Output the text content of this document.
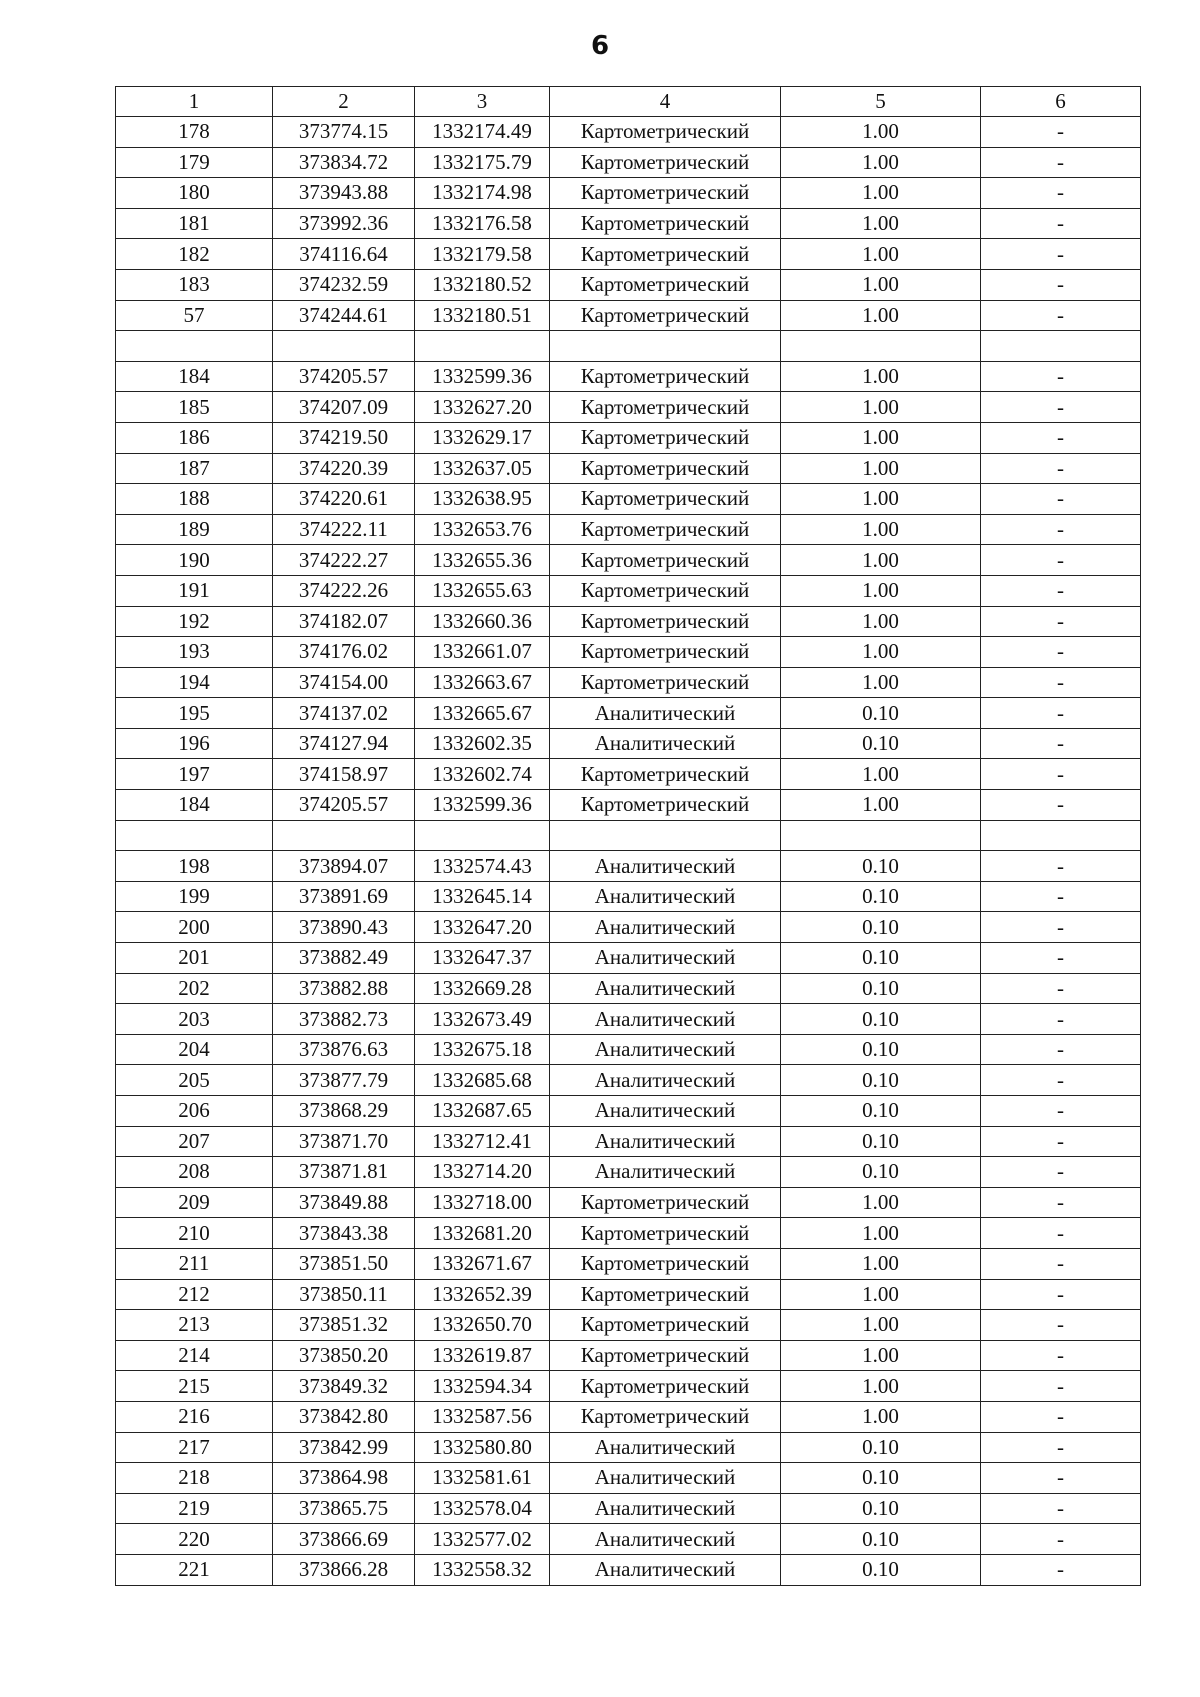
6
1	2	3	4	5	6
178	373774.15	1332174.49	Картометрический	1.00	-
179	373834.72	1332175.79	Картометрический	1.00	-
180	373943.88	1332174.98	Картометрический	1.00	-
181	373992.36	1332176.58	Картометрический	1.00	-
182	374116.64	1332179.58	Картометрический	1.00	-
183	374232.59	1332180.52	Картометрический	1.00	-
57	374244.61	1332180.51	Картометрический	1.00	-

184	374205.57	1332599.36	Картометрический	1.00	-
185	374207.09	1332627.20	Картометрический	1.00	-
186	374219.50	1332629.17	Картометрический	1.00	-
187	374220.39	1332637.05	Картометрический	1.00	-
188	374220.61	1332638.95	Картометрический	1.00	-
189	374222.11	1332653.76	Картометрический	1.00	-
190	374222.27	1332655.36	Картометрический	1.00	-
191	374222.26	1332655.63	Картометрический	1.00	-
192	374182.07	1332660.36	Картометрический	1.00	-
193	374176.02	1332661.07	Картометрический	1.00	-
194	374154.00	1332663.67	Картометрический	1.00	-
195	374137.02	1332665.67	Аналитический	0.10	-
196	374127.94	1332602.35	Аналитический	0.10	-
197	374158.97	1332602.74	Картометрический	1.00	-
184	374205.57	1332599.36	Картометрический	1.00	-

198	373894.07	1332574.43	Аналитический	0.10	-
199	373891.69	1332645.14	Аналитический	0.10	-
200	373890.43	1332647.20	Аналитический	0.10	-
201	373882.49	1332647.37	Аналитический	0.10	-
202	373882.88	1332669.28	Аналитический	0.10	-
203	373882.73	1332673.49	Аналитический	0.10	-
204	373876.63	1332675.18	Аналитический	0.10	-
205	373877.79	1332685.68	Аналитический	0.10	-
206	373868.29	1332687.65	Аналитический	0.10	-
207	373871.70	1332712.41	Аналитический	0.10	-
208	373871.81	1332714.20	Аналитический	0.10	-
209	373849.88	1332718.00	Картометрический	1.00	-
210	373843.38	1332681.20	Картометрический	1.00	-
211	373851.50	1332671.67	Картометрический	1.00	-
212	373850.11	1332652.39	Картометрический	1.00	-
213	373851.32	1332650.70	Картометрический	1.00	-
214	373850.20	1332619.87	Картометрический	1.00	-
215	373849.32	1332594.34	Картометрический	1.00	-
216	373842.80	1332587.56	Картометрический	1.00	-
217	373842.99	1332580.80	Аналитический	0.10	-
218	373864.98	1332581.61	Аналитический	0.10	-
219	373865.75	1332578.04	Аналитический	0.10	-
220	373866.69	1332577.02	Аналитический	0.10	-
221	373866.28	1332558.32	Аналитический	0.10	-
